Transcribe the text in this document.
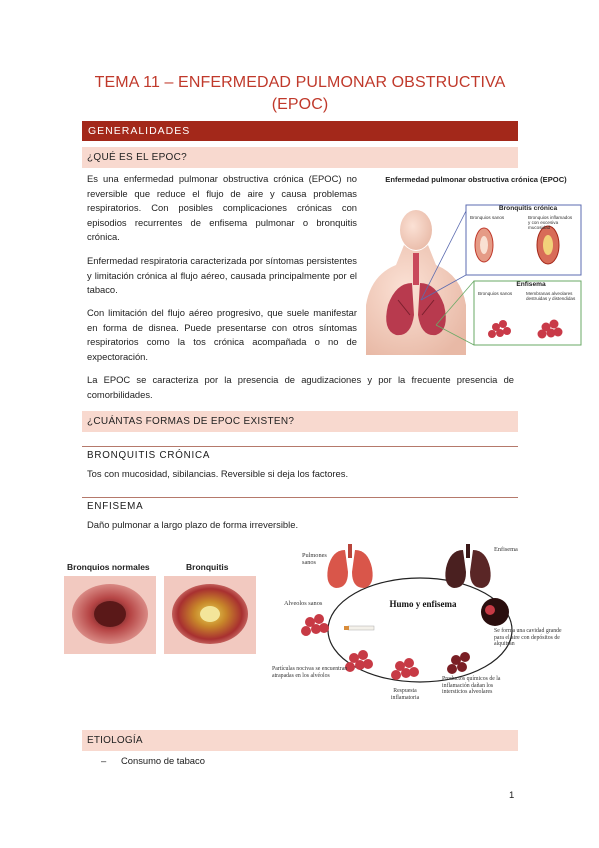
TEMA 11 – ENFERMEDAD PULMONAR OBSTRUCTIVA
(EPOC)
GENERALIDADES
¿QUÉ ES EL EPOC?
Es una enfermedad pulmonar obstructiva crónica (EPOC) no reversible que reduce el flujo de aire y causa problemas respiratorios. Con posibles complicaciones crónicas con episodios recurrentes de enfisema pulmonar o bronquitis crónica.
Enfermedad respiratoria caracterizada por síntomas persistentes y limitación crónica al flujo aéreo, causada principalmente por el tabaco.
Con limitación del flujo aéreo progresivo, que suele manifestar en forma de disnea. Puede presentarse con otros síntomas respiratorios como la tos crónica acompañada o no de expectoración.
La EPOC se caracteriza por la presencia de agudizaciones y por la frecuente presencia de comorbilidades.
Enfermedad pulmonar obstructiva crónica (EPOC)
Bronquitis crónica
Bronquios sanos	Bronquios inflamados y con excesiva mucosidad
Enfisema
Bronquios sanos	Membranas alveolares destruidas y distendidas
¿CUÁNTAS FORMAS DE EPOC EXISTEN?
BRONQUITIS CRÓNICA
Tos con mucosidad, sibilancias. Reversible si deja los factores.
ENFISEMA
Daño pulmonar a largo plazo de forma irreversible.
Bronquios normales	Bronquitis
Humo y enfisema
Pulmones sanos
Enfisema
Alveolos sanos
Se forma una cavidad grande para el aire con depósitos de alquitrán
Partículas nocivas se encuentran atrapadas en los alvéolos
Respuesta inflamatoria
Productos químicos de la inflamación dañan los intersticios alveolares
ETIOLOGÍA
– Consumo de tabaco
1
